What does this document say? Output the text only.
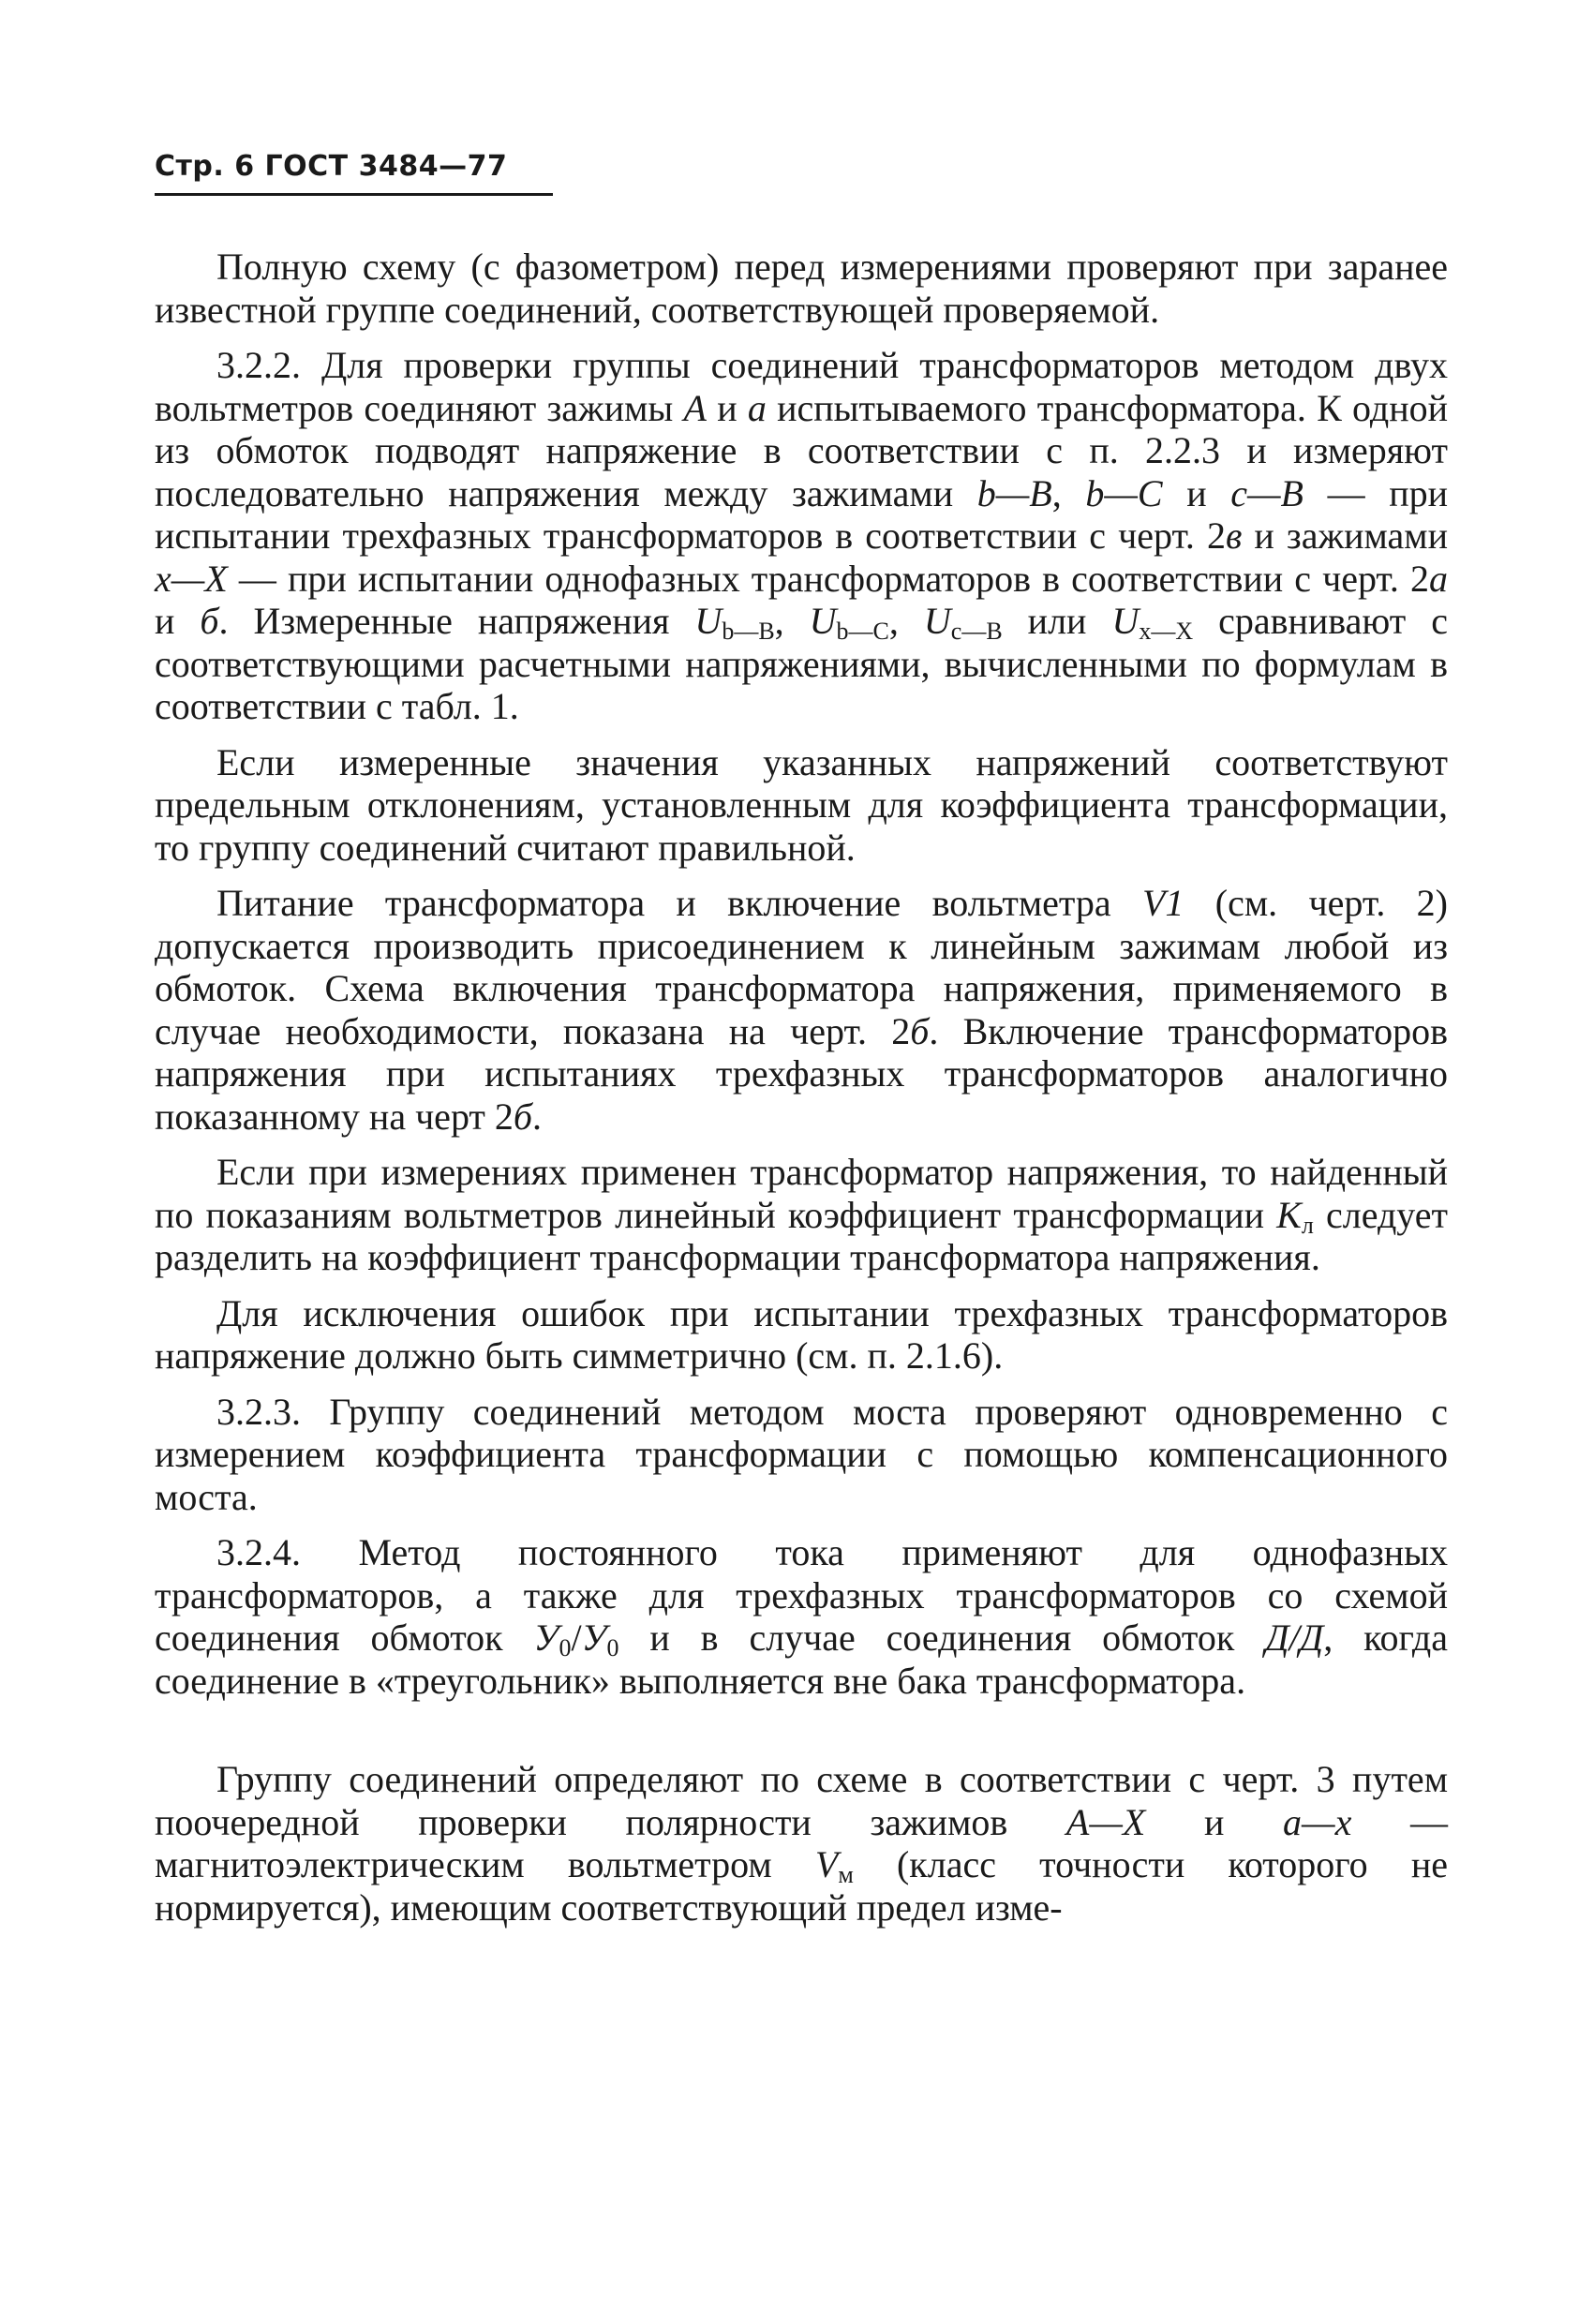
Стр. 6 ГОСТ 3484—77

Полную схему (с фазометром) перед измерениями проверяют при заранее известной группе соединений, соответствующей проверяемой.

3.2.2. Для проверки группы соединений трансформаторов методом двух вольтметров соединяют зажимы А и а испытываемого трансформатора. К одной из обмоток подводят напряжение в соответствии с п. 2.2.3 и измеряют последовательно напряжения между зажимами b—B, b—C и c—B — при испытании трехфазных трансформаторов в соответствии с черт. 2в и зажимами x—X — при испытании однофазных трансформаторов в соответствии с черт. 2а и б. Измеренные напряжения $U_{b—B}$, $U_{b—C}$, $U_{c—B}$ или $U_{x—X}$ сравнивают с соответствующими расчетными напряжениями, вычисленными по формулам в соответствии с табл. 1.

Если измеренные значения указанных напряжений соответствуют предельным отклонениям, установленным для коэффициента трансформации, то группу соединений считают правильной.

Питание трансформатора и включение вольтметра V1 (см. черт. 2) допускается производить присоединением к линейным зажимам любой из обмоток. Схема включения трансформатора напряжения, применяемого в случае необходимости, показана на черт. 2б. Включение трансформаторов напряжения при испытаниях трехфазных трансформаторов аналогично показанному на черт 2б.

Если при измерениях применен трансформатор напряжения, то найденный по показаниям вольтметров линейный коэффициент трансформации $K_л$ следует разделить на коэффициент трансформации трансформатора напряжения.

Для исключения ошибок при испытании трехфазных трансформаторов напряжение должно быть симметрично (см. п. 2.1.6).

3.2.3. Группу соединений методом моста проверяют одновременно с измерением коэффициента трансформации с помощью компенсационного моста.

3.2.4. Метод постоянного тока применяют для однофазных трансформаторов, а также для трехфазных трансформаторов со схемой соединения обмоток $У_0/У_0$ и в случае соединения обмоток Д/Д, когда соединение в «треугольник» выполняется вне бака трансформатора.

Группу соединений определяют по схеме в соответствии с черт. 3 путем поочередной проверки полярности зажимов А—X и а—х — магнитоэлектрическим вольтметром $V_м$ (класс точности которого не нормируется), имеющим соответствующий предел изме-
